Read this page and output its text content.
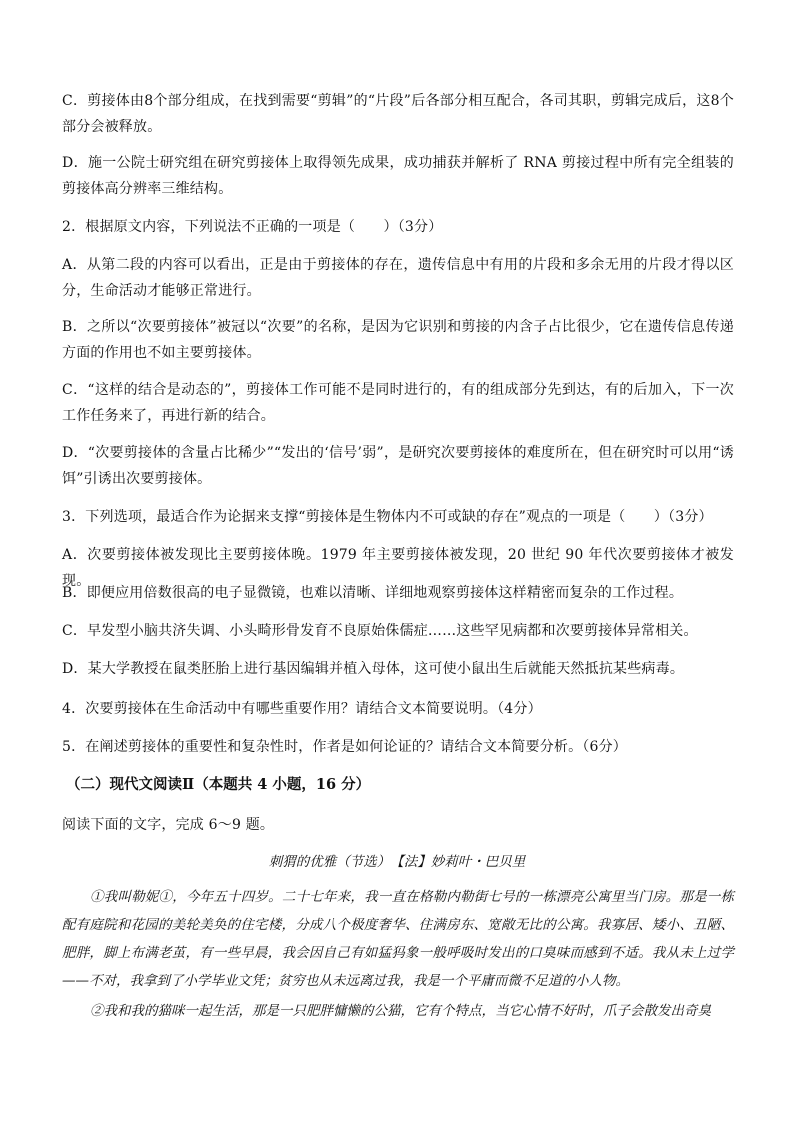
C．剪接体由8个部分组成，在找到需要“剪辑”的“片段”后各部分相互配合，各司其职，剪辑完成后，这8个部分会被释放。

D．施一公院士研究组在研究剪接体上取得领先成果，成功捕获并解析了 RNA 剪接过程中所有完全组装的剪接体高分辨率三维结构。

2．根据原文内容，下列说法不正确的一项是（　　）（3分）

A．从第二段的内容可以看出，正是由于剪接体的存在，遗传信息中有用的片段和多余无用的片段才得以区分，生命活动才能够正常进行。

B．之所以“次要剪接体”被冠以“次要”的名称，是因为它识别和剪接的内含子占比很少，它在遗传信息传递方面的作用也不如主要剪接体。

C．“这样的结合是动态的”，剪接体工作可能不是同时进行的，有的组成部分先到达，有的后加入，下一次工作任务来了，再进行新的结合。

D．“次要剪接体的含量占比稀少”“发出的‘信号’弱”，是研究次要剪接体的难度所在，但在研究时可以用“诱饵”引诱出次要剪接体。

3．下列选项，最适合作为论据来支撑“剪接体是生物体内不可或缺的存在”观点的一项是（　　）（3分）

A．次要剪接体被发现比主要剪接体晚。1979 年主要剪接体被发现，20 世纪 90 年代次要剪接体才被发现。

B．即便应用倍数很高的电子显微镜，也难以清晰、详细地观察剪接体这样精密而复杂的工作过程。

C．早发型小脑共济失调、小头畸形骨发育不良原始侏儒症……这些罕见病都和次要剪接体异常相关。

D．某大学教授在鼠类胚胎上进行基因编辑并植入母体，这可使小鼠出生后就能天然抵抗某些病毒。

4．次要剪接体在生命活动中有哪些重要作用？请结合文本简要说明。（4分）

5．在阐述剪接体的重要性和复杂性时，作者是如何论证的？请结合文本简要分析。（6分）

（二）现代文阅读Ⅱ（本题共 4 小题，16 分）

阅读下面的文字，完成 6～9 题。

刺猬的优雅（节选）　【法】妙莉叶・巴贝里

①我叫勒妮①，今年五十四岁。二十七年来，我一直在格勒内勒街七号的一栋漂亮公寓里当门房。那是一栋配有庭院和花园的美轮美奂的住宅楼，分成八个极度奢华、住满房东、宽敞无比的公寓。我寡居、矮小、丑陋、肥胖，脚上布满老茧，有一些早晨，我会因自己有如猛犸象一般呼吸时发出的口臭味而感到不适。我从未上过学——不对，我拿到了小学毕业文凭；贫穷也从未远离过我，我是一个平庸而微不足道的小人物。

②我和我的猫咪一起生活，那是一只肥胖慵懒的公猫，它有个特点，当它心情不好时，爪子会散发出奇臭
